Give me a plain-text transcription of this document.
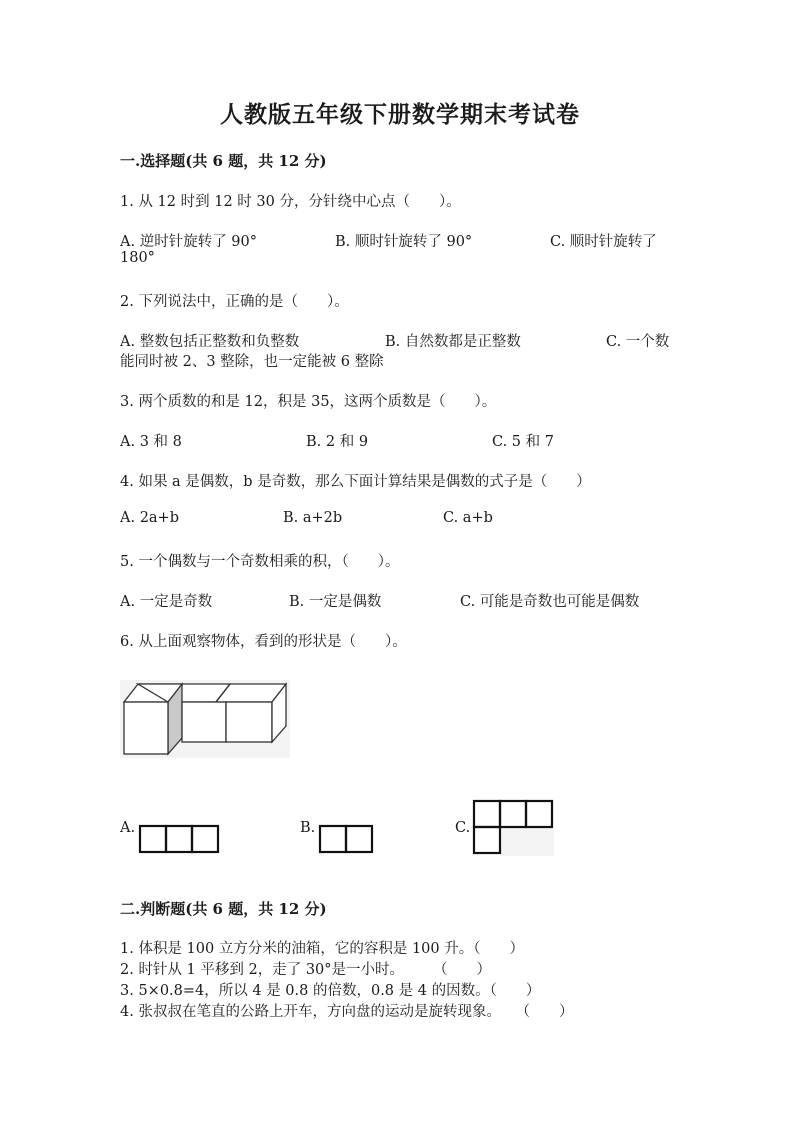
人教版五年级下册数学期末考试卷
一.选择题(共 6 题，共 12 分)
1. 从 12 时到 12 时 30 分，分针绕中心点（　　）。
A. 逆时针旋转了 90°	B. 顺时针旋转了 90°	C. 顺时针旋转了
180°
2. 下列说法中，正确的是（　　）。
A. 整数包括正整数和负整数	B. 自然数都是正整数	C. 一个数
能同时被 2、3 整除，也一定能被 6 整除
3. 两个质数的和是 12，积是 35，这两个质数是（　　）。
A. 3 和 8	B. 2 和 9	C. 5 和 7
4. 如果 a 是偶数，b 是奇数，那么下面计算结果是偶数的式子是（　　）
A. 2a+b	B. a+2b	C. a+b
5. 一个偶数与一个奇数相乘的积，（　　）。
A. 一定是奇数	B. 一定是偶数	C. 可能是奇数也可能是偶数
6. 从上面观察物体，看到的形状是（　　）。
A.	B.	C.
二.判断题(共 6 题，共 12 分)
1. 体积是 100 立方分米的油箱，它的容积是 100 升。（　　）
2. 时针从 1 平移到 2，走了 30°是一小时。　　　（　　）
3. 5×0.8=4，所以 4 是 0.8 的倍数，0.8 是 4 的因数。（　　）
4. 张叔叔在笔直的公路上开车，方向盘的运动是旋转现象。　　（　　）
